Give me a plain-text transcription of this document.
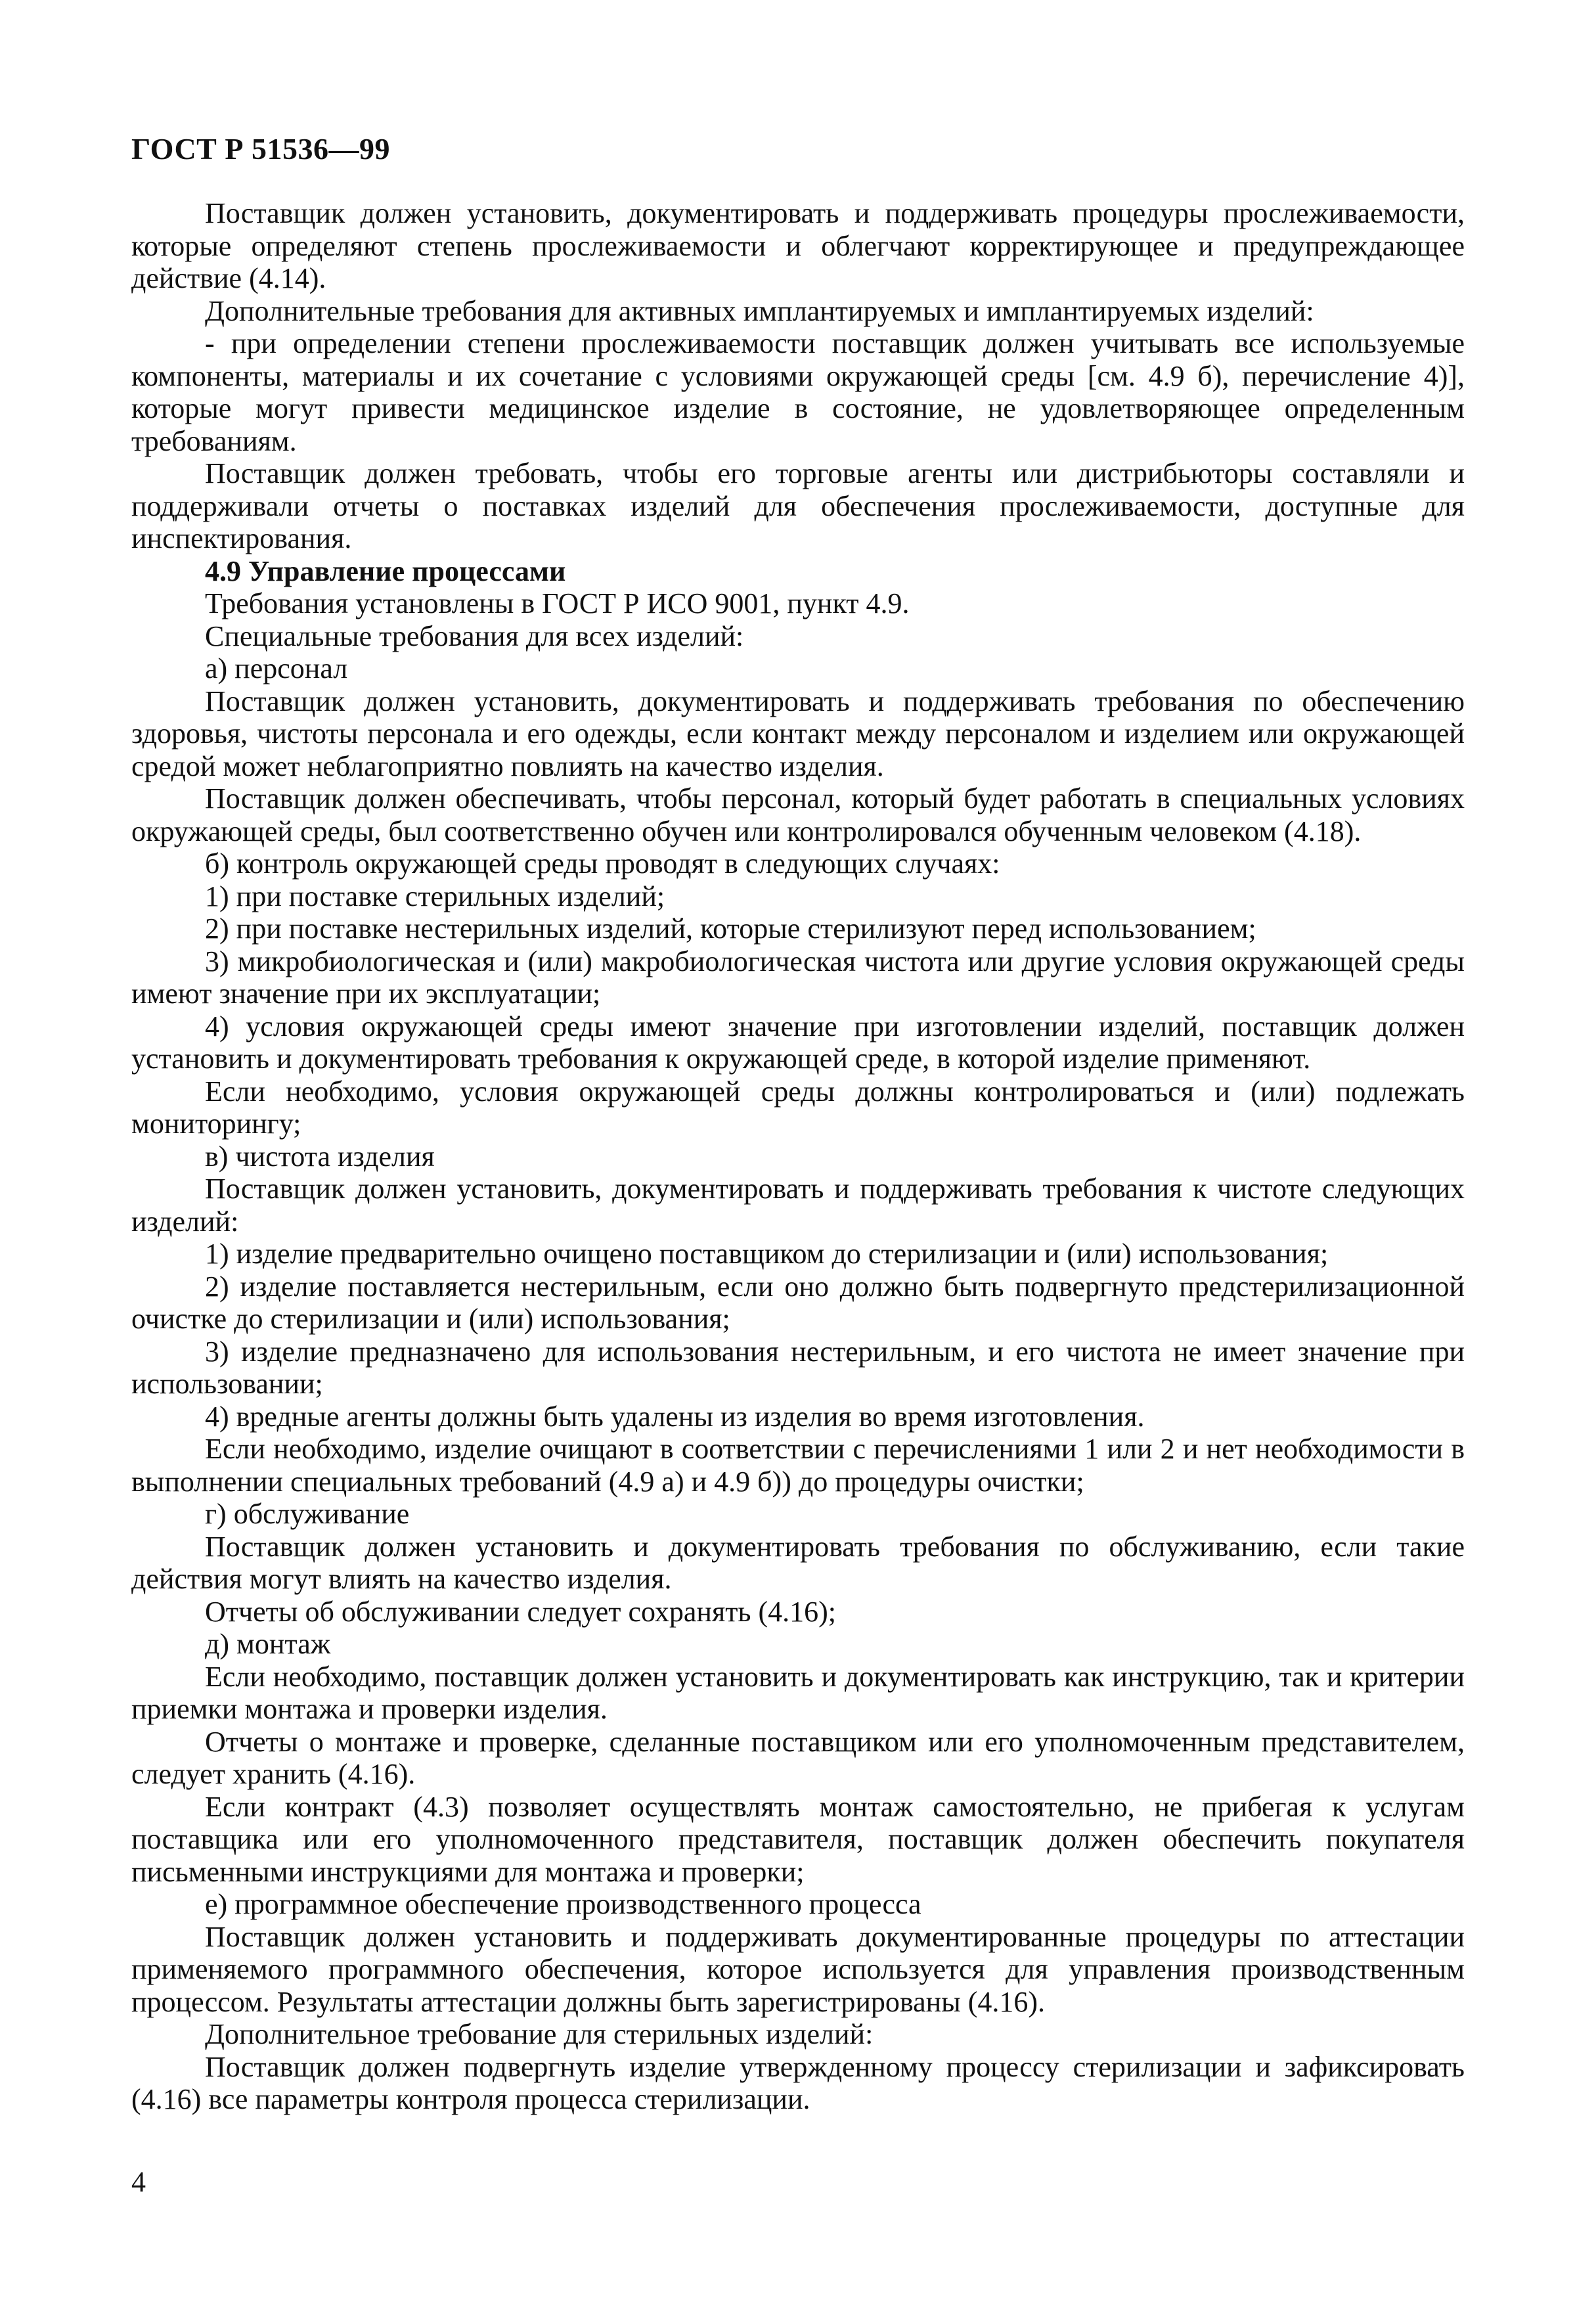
ГОСТ Р 51536—99

Поставщик должен установить, документировать и поддерживать процедуры прослеживаемости, которые определяют степень прослеживаемости и облегчают корректирующее и предупреждающее действие (4.14).

Дополнительные требования для активных имплантируемых и имплантируемых изделий:

- при определении степени прослеживаемости поставщик должен учитывать все используемые компоненты, материалы и их сочетание с условиями окружающей среды [см. 4.9 б), перечисление 4)], которые могут привести медицинское изделие в состояние, не удовлетворяющее определенным требованиям.

Поставщик должен требовать, чтобы его торговые агенты или дистрибьюторы составляли и поддерживали отчеты о поставках изделий для обеспечения прослеживаемости, доступные для инспектирования.

4.9 Управление процессами

Требования установлены в ГОСТ Р ИСО 9001, пункт 4.9.

Специальные требования для всех изделий:

а) персонал

Поставщик должен установить, документировать и поддерживать требования по обеспечению здоровья, чистоты персонала и его одежды, если контакт между персоналом и изделием или окружающей средой может неблагоприятно повлиять на качество изделия.

Поставщик должен обеспечивать, чтобы персонал, который будет работать в специальных условиях окружающей среды, был соответственно обучен или контролировался обученным человеком (4.18).

б) контроль окружающей среды проводят в следующих случаях:

1) при поставке стерильных изделий;

2) при поставке нестерильных изделий, которые стерилизуют перед использованием;

3) микробиологическая и (или) макробиологическая чистота или другие условия окружающей среды имеют значение при их эксплуатации;

4) условия окружающей среды имеют значение при изготовлении изделий, поставщик должен установить и документировать требования к окружающей среде, в которой изделие применяют.

Если необходимо, условия окружающей среды должны контролироваться и (или) подлежать мониторингу;

в) чистота изделия

Поставщик должен установить, документировать и поддерживать требования к чистоте следующих изделий:

1) изделие предварительно очищено поставщиком до стерилизации и (или) использования;

2) изделие поставляется нестерильным, если оно должно быть подвергнуто предстерилизационной очистке до стерилизации и (или) использования;

3) изделие предназначено для использования нестерильным, и его чистота не имеет значение при использовании;

4) вредные агенты должны быть удалены из изделия во время изготовления.

Если необходимо, изделие очищают в соответствии с перечислениями 1 или 2 и нет необходимости в выполнении специальных требований (4.9 а) и 4.9 б)) до процедуры очистки;

г) обслуживание

Поставщик должен установить и документировать требования по обслуживанию, если такие действия могут влиять на качество изделия.

Отчеты об обслуживании следует сохранять (4.16);

д) монтаж

Если необходимо, поставщик должен установить и документировать как инструкцию, так и критерии приемки монтажа и проверки изделия.

Отчеты о монтаже и проверке, сделанные поставщиком или его уполномоченным представителем, следует хранить (4.16).

Если контракт (4.3) позволяет осуществлять монтаж самостоятельно, не прибегая к услугам поставщика или его уполномоченного представителя, поставщик должен обеспечить покупателя письменными инструкциями для монтажа и проверки;

е) программное обеспечение производственного процесса

Поставщик должен установить и поддерживать документированные процедуры по аттестации применяемого программного обеспечения, которое используется для управления производственным процессом. Результаты аттестации должны быть зарегистрированы (4.16).

Дополнительное требование для стерильных изделий:

Поставщик должен подвергнуть изделие утвержденному процессу стерилизации и зафиксировать (4.16) все параметры контроля процесса стерилизации.

4
